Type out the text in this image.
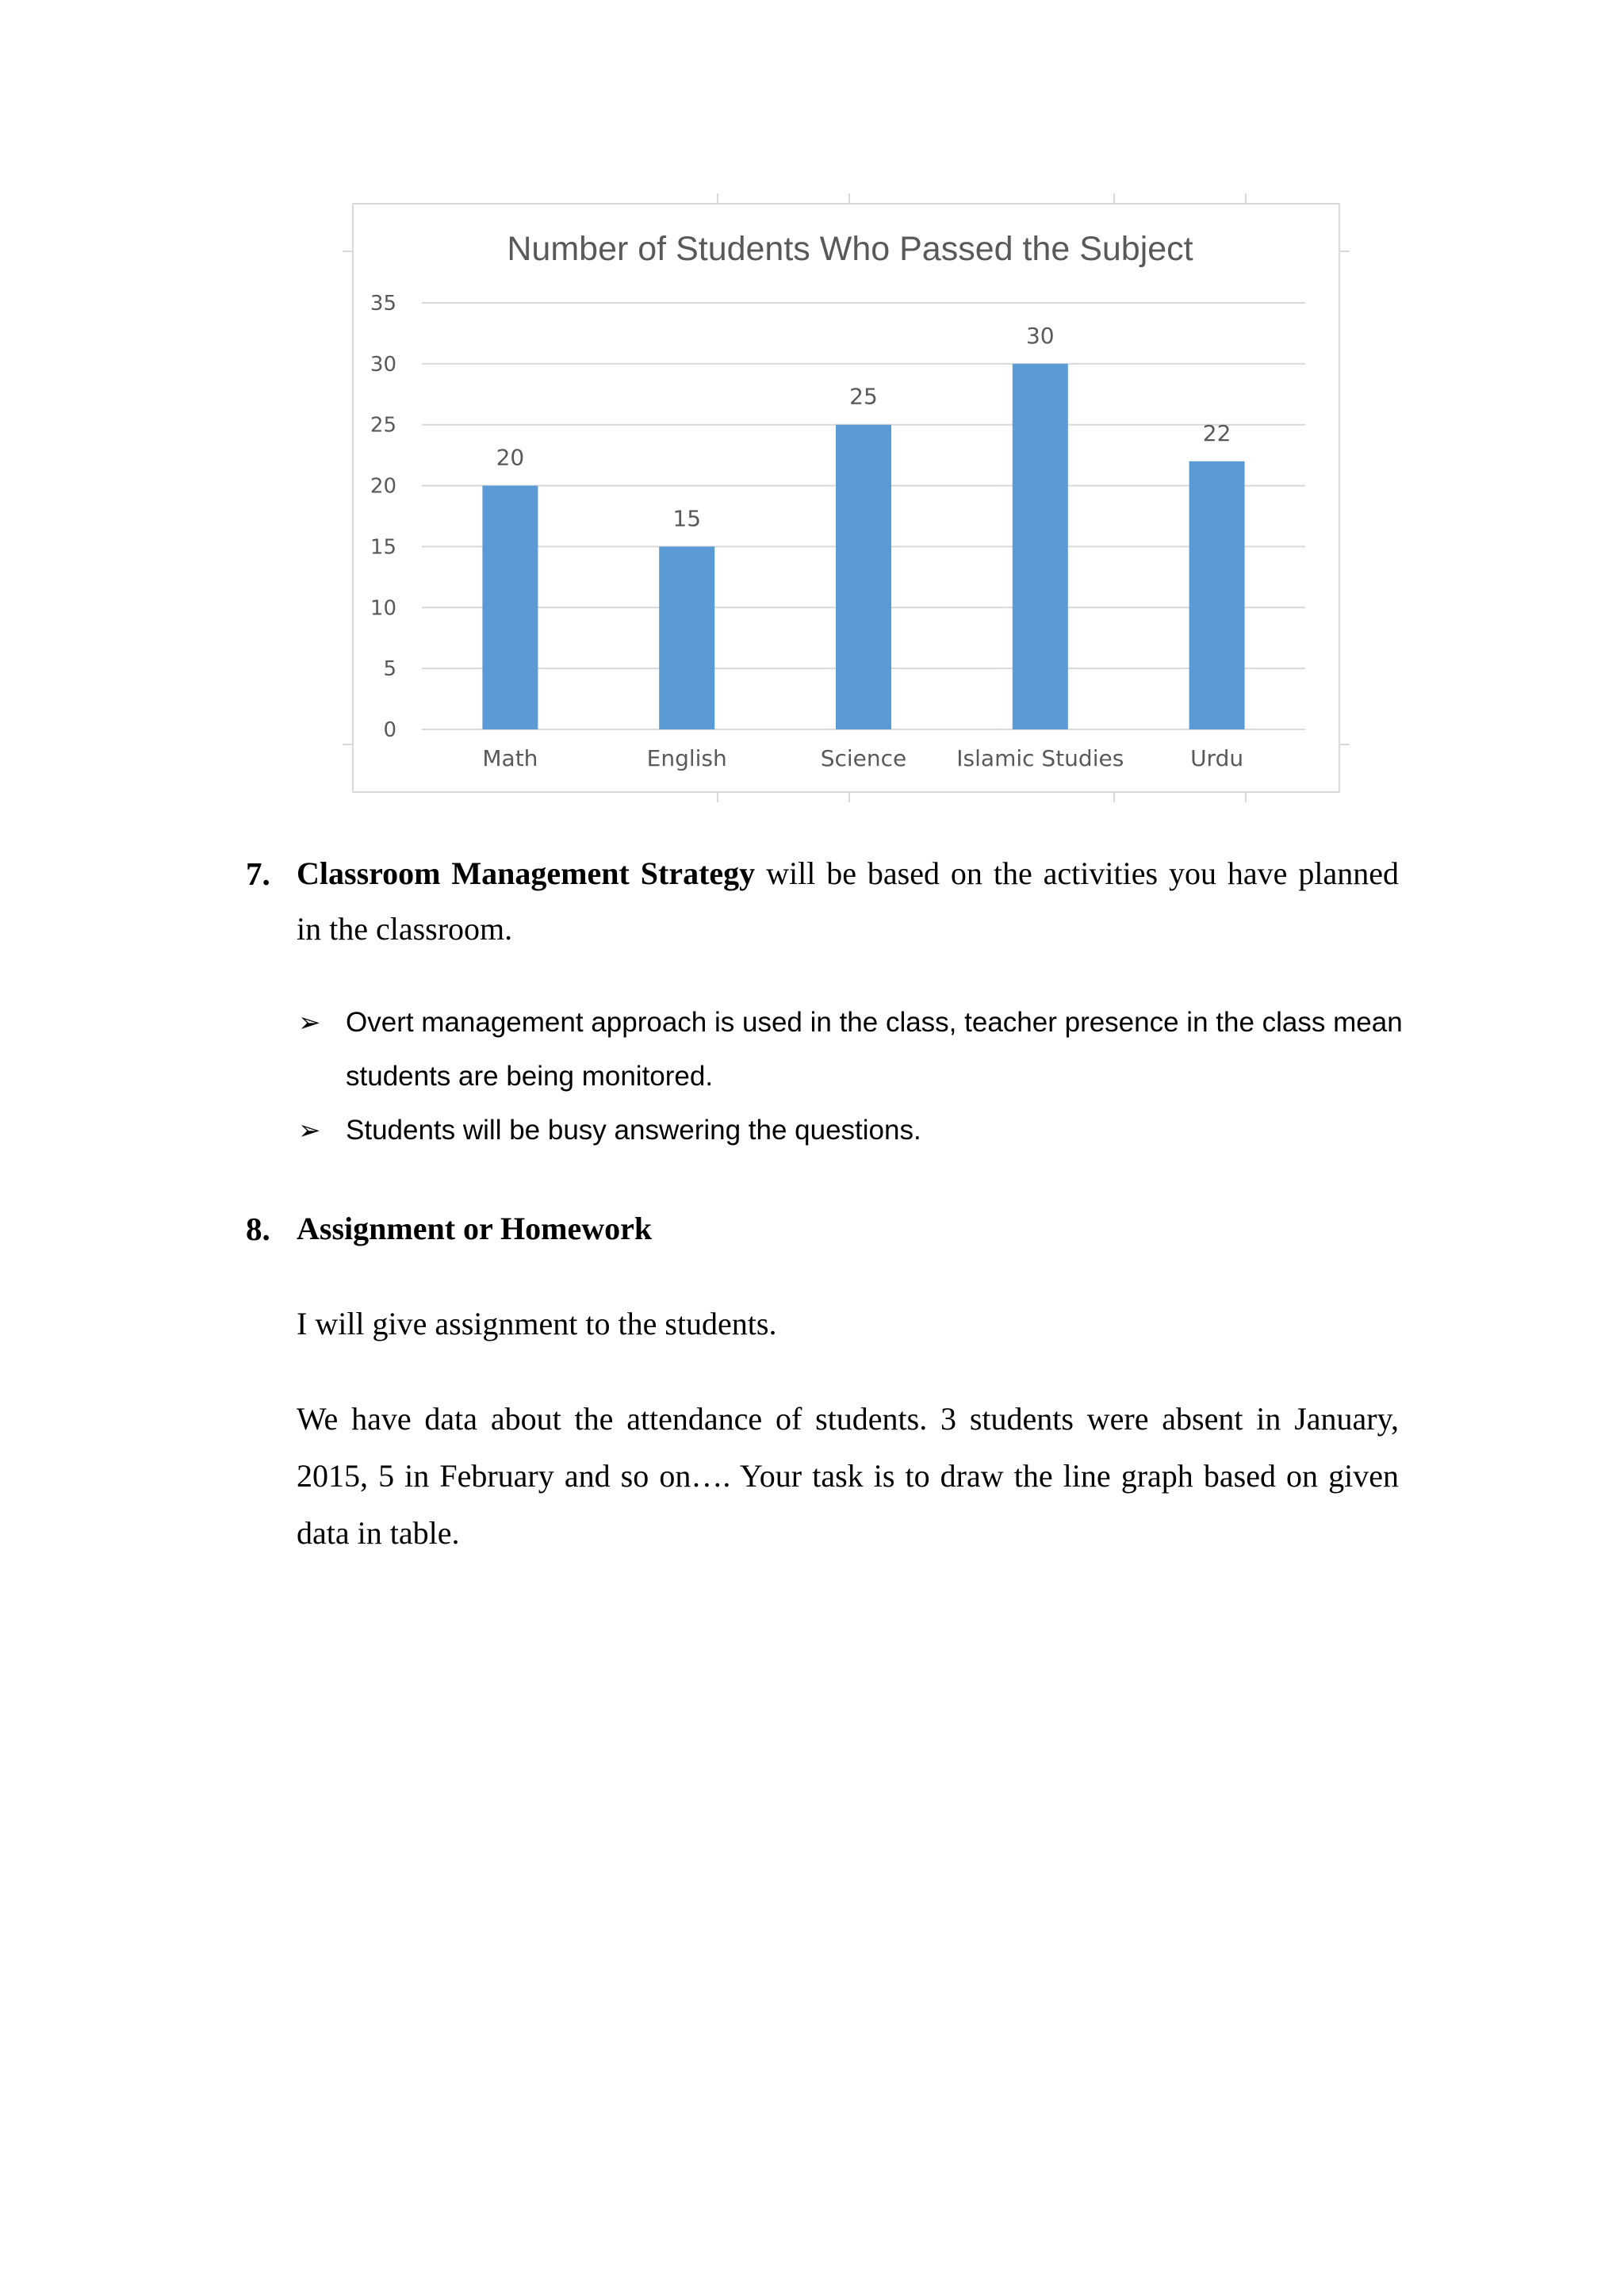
Number of Students Who Passed the Subject
0
5
10
15
20
25
30
35
20
15
25
30
22
Math	English	Science Islamic Studies	Urdu
7. Classroom Management Strategy will be based on the activities you have planned
in the classroom.
➢ Overt management approach is used in the class, teacher presence in the class mean
students are being monitored.
➢ Students will be busy answering the questions.
8. Assignment or Homework
I will give assignment to the students.
We have data about the attendance of students. 3 students were absent in January,
2015, 5 in February and so on…. Your task is to draw the line graph based on given
data in table.
